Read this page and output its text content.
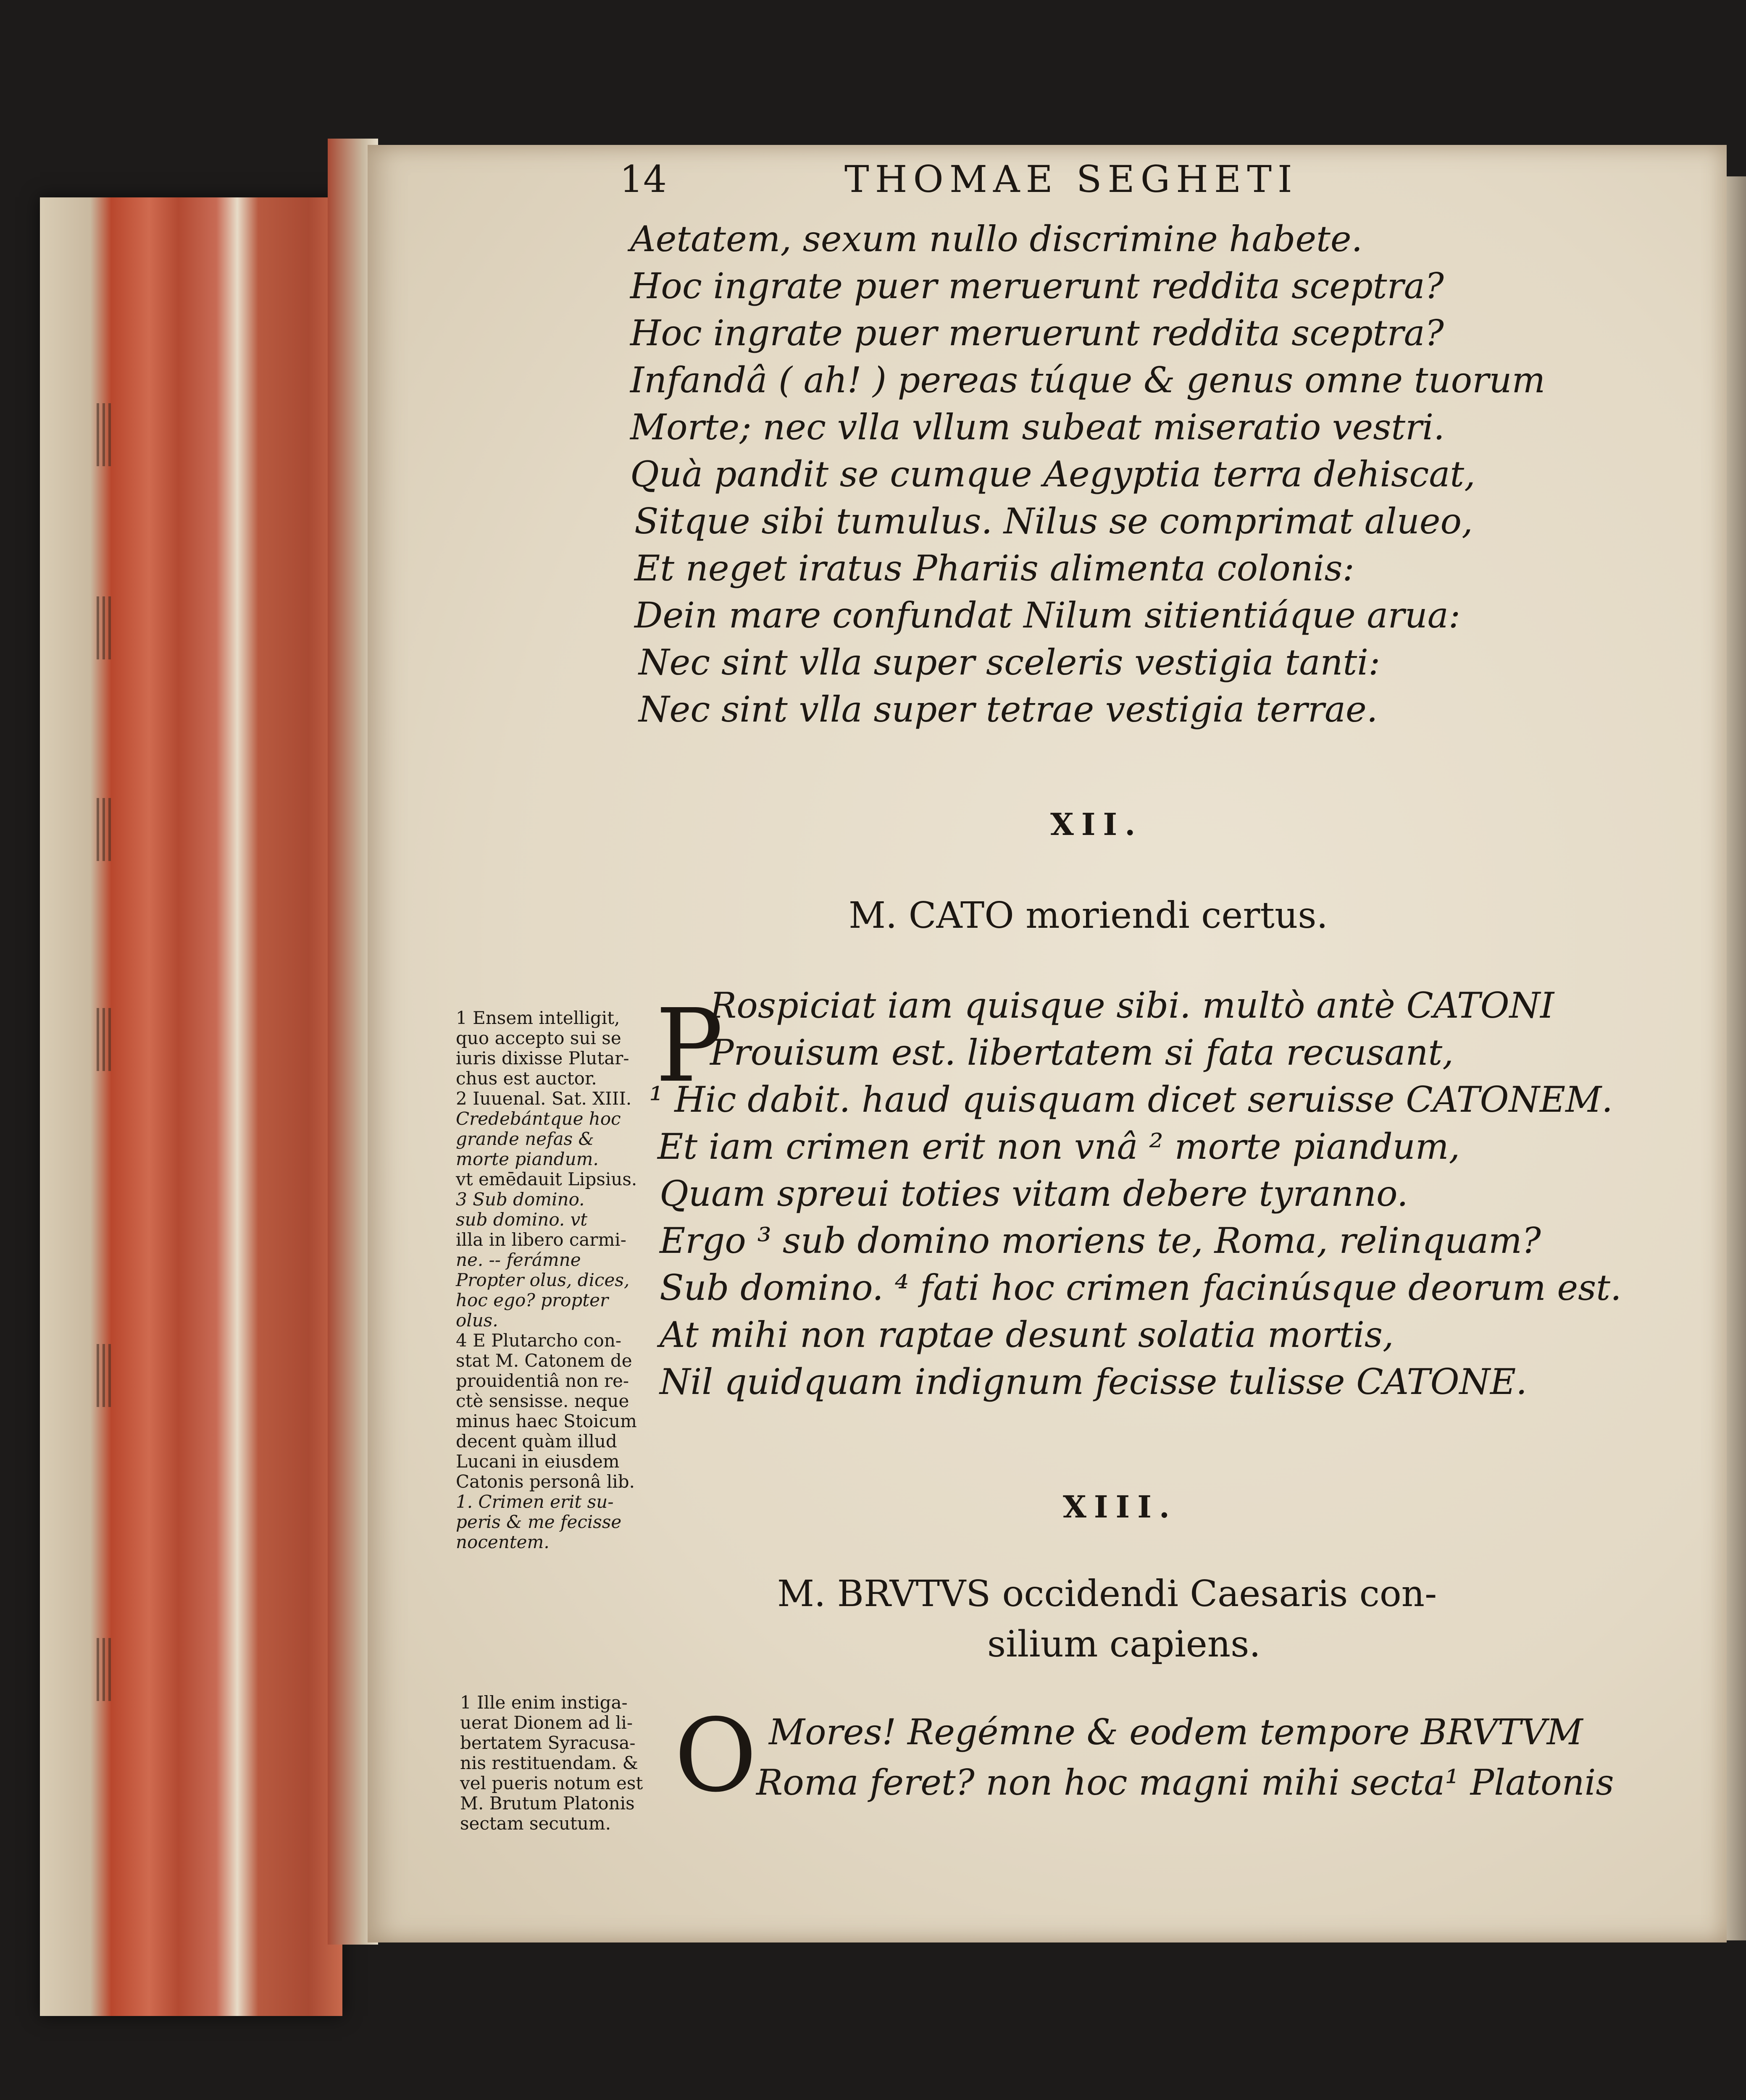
14	THOMAE SEGHETI
Aetatem, sexum nullo discrimine habete.
Hoc ingrate puer meruerunt reddita sceptra?
Hoc ingrate puer meruerunt reddita sceptra?
Infandâ ( ah! ) pereas túque & genus omne tuorum
Morte; nec vlla vllum subeat miseratio vestri.
Quà pandit se cumque Aegyptia terra dehiscat,
Sitque sibi tumulus. Nilus se comprimat alueo,
Et neget iratus Phariis alimenta colonis:
Dein mare confundat Nilum sitientiáque arua:
Nec sint vlla super sceleris vestigia tanti:
Nec sint vlla super tetrae vestigia terrae.
XII.
M. CATO moriendi certus.
P
Rospiciat iam quisque sibi. multò antè CATONI
Prouisum est. libertatem si fata recusant,
¹ Hic dabit. haud quisquam dicet seruisse CATONEM.
Et iam crimen erit non vnâ ² morte piandum,
Quam spreui toties vitam debere tyranno.
Ergo ³ sub domino moriens te, Roma, relinquam?
Sub domino. ⁴ fati hoc crimen facinúsque deorum est.
At mihi non raptae desunt solatia mortis,
Nil quidquam indignum fecisse tulisse CATONE.
XIII.
M. BRVTVS occidendi Caesaris con-
silium capiens.
O Mores! Regémne & eodem tempore BRVTVM
Roma feret? non hoc magni mihi secta¹ Platonis
1 Ensem intelligit,
quo accepto sui se
iuris dixisse Plutar-
chus est auctor.
2 Iuuenal. Sat. XIII.
Credebántque hoc
grande nefas &
morte piandum.
vt emēdauit Lipsius.
3 Sub domino.
sub domino. vt
illa in libero carmi-
ne. -- ferámne
Propter olus, dices,
hoc ego? propter
olus.
4 E Plutarcho con-
stat M. Catonem de
prouidentiâ non re-
ctè sensisse. neque
minus haec Stoicum
decent quàm illud
Lucani in eiusdem
Catonis personâ lib.
1. Crimen erit su-
peris & me fecisse
nocentem.
1 Ille enim instiga-
uerat Dionem ad li-
bertatem Syracusa-
nis restituendam. &
vel pueris notum est
M. Brutum Platonis
sectam secutum.
